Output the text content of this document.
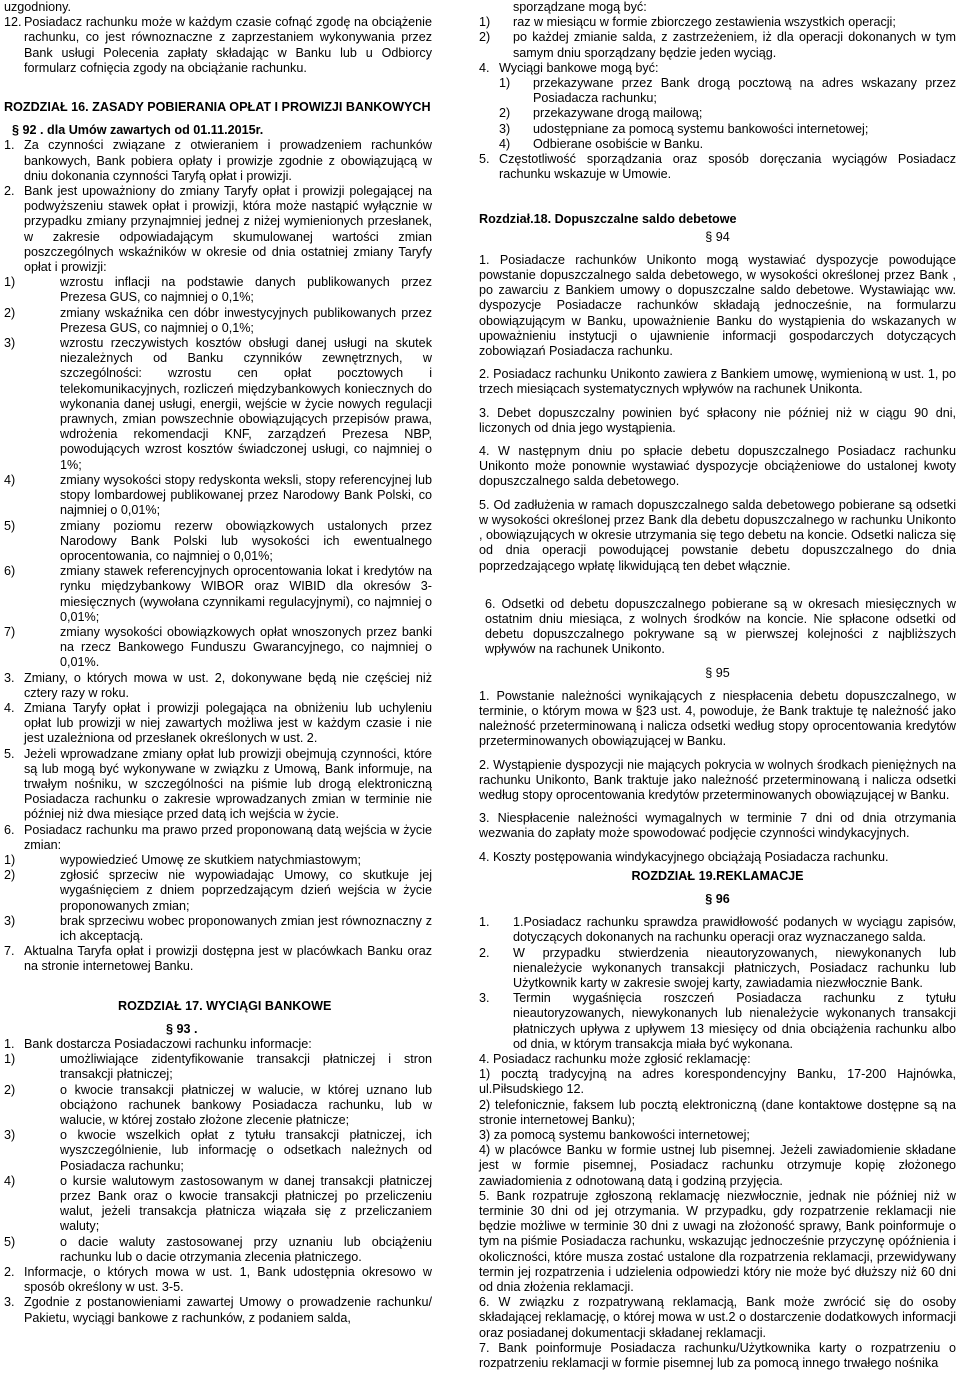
uzgodniony.

12. Posiadacz rachunku może w każdym czasie cofnąć zgodę na obciążenie rachunku, co jest równoznaczne z zaprzestaniem wykonywania przez Bank usługi Polecenia zapłaty składając w Banku lub u Odbiorcy formularz cofnięcia zgody na obciążanie rachunku.

ROZDZIAŁ 16. ZASADY POBIERANIA OPŁAT I PROWIZJI BANKOWYCH

§ 92 . dla Umów zawartych od 01.11.2015r.

1. Za czynności związane z otwieraniem i prowadzeniem rachunków bankowych, Bank pobiera opłaty i prowizje zgodnie z obowiązującą w dniu dokonania czynności Taryfą opłat i prowizji.

2. Bank jest upoważniony do zmiany Taryfy opłat i prowizji polegającej na podwyższeniu stawek opłat i prowizji, która może nastąpić wyłącznie w przypadku zmiany przynajmniej jednej z niżej wymienionych przesłanek, w zakresie odpowiadającym skumulowanej wartości zmian poszczególnych wskaźników w okresie od dnia ostatniej zmiany Taryfy opłat i prowizji:

1)	wzrostu inflacji na podstawie danych publikowanych przez Prezesa GUS, co najmniej o 0,1%;

2)	zmiany wskaźnika cen dóbr inwestycyjnych publikowanych przez Prezesa GUS, co najmniej o 0,1%;

3)	wzrostu rzeczywistych kosztów obsługi danej usługi na skutek niezależnych od Banku czynników zewnętrznych, w szczególności: wzrostu cen opłat pocztowych i telekomunikacyjnych, rozliczeń międzybankowych koniecznych do wykonania danej usługi, energii, wejście w życie nowych regulacji prawnych, zmian powszechnie obowiązujących przepisów prawa, wdrożenia rekomendacji KNF, zarządzeń Prezesa NBP, powodujących wzrost kosztów świadczonej usługi, co najmniej o 1%;

4)	zmiany wysokości stopy redyskonta weksli, stopy referencyjnej lub stopy lombardowej publikowanej przez Narodowy Bank Polski, co najmniej o 0,01%;

5)	zmiany poziomu rezerw obowiązkowych ustalonych przez Narodowy Bank Polski lub wysokości ich ewentualnego oprocentowania, co najmniej o 0,01%;

6)	zmiany stawek referencyjnych oprocentowania lokat i kredytów na rynku międzybankowy WIBOR oraz WIBID dla okresów 3-miesięcznych (wywołana czynnikami regulacyjnymi), co najmniej o 0,01%;

7)	zmiany wysokości obowiązkowych opłat wnoszonych przez banki na rzecz Bankowego Funduszu Gwarancyjnego, co najmniej o 0,01%.

3. Zmiany, o których mowa w ust. 2, dokonywane będą nie częściej niż cztery razy w roku.

4. Zmiana Taryfy opłat i prowizji polegająca na obniżeniu lub uchyleniu opłat lub prowizji w niej zawartych możliwa jest w każdym czasie i nie jest uzależniona od przesłanek określonych w ust. 2.

5. Jeżeli wprowadzane zmiany opłat lub prowizji obejmują czynności, które są lub mogą być wykonywane w związku z Umową, Bank informuje, na trwałym nośniku, w szczególności na piśmie lub drogą elektroniczną Posiadacza rachunku o zakresie wprowadzanych zmian w terminie nie później niż dwa miesiące przed datą ich wejścia w życie.

6. Posiadacz rachunku ma prawo przed proponowaną datą wejścia w życie zmian:

1)	wypowiedzieć Umowę ze skutkiem natychmiastowym;

2)	zgłosić sprzeciw nie wypowiadając Umowy, co skutkuje jej wygaśnięciem z dniem poprzedzającym dzień wejścia w życie proponowanych zmian;

3)	brak sprzeciwu wobec proponowanych zmian jest równoznaczny z ich akceptacją.

7. Aktualna Taryfa opłat i prowizji dostępna jest w placówkach Banku oraz na stronie internetowej Banku.

ROZDZIAŁ 17. WYCIĄGI BANKOWE

§ 93 .

1. Bank dostarcza Posiadaczowi rachunku informacje:

1)	umożliwiające zidentyfikowanie transakcji płatniczej i stron transakcji płatniczej;

2)	o kwocie transakcji płatniczej w walucie, w której uznano lub obciążono rachunek bankowy Posiadacza rachunku, lub w walucie, w której zostało złożone zlecenie płatnicze;

3)	o kwocie wszelkich opłat z tytułu transakcji płatniczej, ich wyszczególnienie, lub informację o odsetkach należnych od Posiadacza rachunku;

4)	o kursie walutowym zastosowanym w danej transakcji płatniczej przez Bank oraz o kwocie transakcji płatniczej po przeliczeniu walut, jeżeli transakcja płatnicza wiązała się z przeliczaniem waluty;

5)	o dacie waluty zastosowanej przy uznaniu lub obciążeniu rachunku lub o dacie otrzymania zlecenia płatniczego.

2. Informacje, o których mowa w ust. 1, Bank udostępnia okresowo w sposób określony w ust. 3-5.

3. Zgodnie z postanowieniami zawartej Umowy o prowadzenie rachunku/ Pakietu, wyciągi bankowe z rachunków, z podaniem salda,

sporządzane mogą być:

1) raz w miesiącu w formie zbiorczego zestawienia wszystkich operacji;

2) po każdej zmianie salda, z zastrzeżeniem, iż dla operacji dokonanych w tym samym dniu sporządzany będzie jeden wyciąg.

4. Wyciągi bankowe mogą być:

1) przekazywane przez Bank drogą pocztową na adres wskazany przez Posiadacza rachunku;

2) przekazywane drogą mailową;

3) udostępniane za pomocą systemu bankowości internetowej;

4) Odbierane osobiście w Banku.

5. Częstotliwość sporządzania oraz sposób doręczania wyciągów Posiadacz rachunku wskazuje w Umowie.

Rozdział.18. Dopuszczalne saldo debetowe

§ 94

1. Posiadacze rachunków Unikonto mogą wystawiać dyspozycje powodujące powstanie dopuszczalnego salda debetowego, w wysokości określonej przez Bank , po zawarciu z Bankiem umowy o dopuszczalne saldo debetowe. Wystawiając ww. dyspozycje Posiadacze rachunków składają jednocześnie, na formularzu obowiązującym w Banku, upoważnienie Banku do wystąpienia do wskazanych w upoważnieniu instytucji o ujawnienie informacji gospodarczych dotyczących zobowiązań Posiadacza rachunku.

2. Posiadacz rachunku Unikonto zawiera z Bankiem umowę, wymienioną w ust. 1, po trzech miesiącach systematycznych wpływów na rachunek Unikonta.

3. Debet dopuszczalny powinien być spłacony nie później niż w ciągu 90 dni, liczonych od dnia jego wystąpienia.

4. W następnym dniu po spłacie debetu dopuszczalnego Posiadacz rachunku Unikonto może ponownie wystawiać dyspozycje obciążeniowe do ustalonej kwoty dopuszczalnego salda debetowego.

5. Od zadłużenia w ramach dopuszczalnego salda debetowego pobierane są odsetki w wysokości określonej przez Bank dla debetu dopuszczalnego w rachunku Unikonto , obowiązujących w okresie utrzymania się tego debetu na koncie. Odsetki nalicza się od dnia operacji powodującej powstanie debetu dopuszczalnego do dnia poprzedzającego wpłatę likwidującą ten debet włącznie.

6. Odsetki od debetu dopuszczalnego pobierane są w okresach miesięcznych w ostatnim dniu miesiąca, z wolnych środków na koncie. Nie spłacone odsetki od debetu dopuszczalnego pokrywane są w pierwszej kolejności z najbliższych wpływów na rachunek Unikonto.

§ 95

1. Powstanie należności wynikających z niespłacenia debetu dopuszczalnego, w terminie, o którym mowa w §23 ust. 4, powoduje, że Bank traktuje tę należność jako należność przeterminowaną i nalicza odsetki według stopy oprocentowania kredytów przeterminowanych obowiązującej w Banku.

2. Wystąpienie dyspozycji nie mających pokrycia w wolnych środkach pieniężnych na rachunku Unikonto, Bank traktuje jako należność przeterminowaną i nalicza odsetki według stopy oprocentowania kredytów przeterminowanych obowiązującej w Banku.

3. Niespłacenie należności wymagalnych w terminie 7 dni od dnia otrzymania wezwania do zapłaty może spowodować podjęcie czynności windykacyjnych.

4. Koszty postępowania windykacyjnego obciążają Posiadacza rachunku.

ROZDZIAŁ 19.REKLAMACJE

§ 96

1. 1.Posiadacz rachunku sprawdza prawidłowość podanych w wyciągu zapisów, dotyczących dokonanych na rachunku operacji oraz wyznaczanego salda.

2. W przypadku stwierdzenia nieautoryzowanych, niewykonanych lub nienależycie wykonanych transakcji płatniczych, Posiadacz rachunku lub Użytkownik karty w zakresie swojej karty, zawiadamia niezwłocznie Bank.

3. Termin wygaśnięcia roszczeń Posiadacza rachunku z tytułu nieautoryzowanych, niewykonanych lub nienależycie wykonanych transakcji płatniczych upływa z upływem 13 miesięcy od dnia obciążenia rachunku albo od dnia, w którym transakcja miała być wykonana.

4. Posiadacz rachunku może zgłosić reklamację:

1) pocztą tradycyjną na adres korespondencyjny Banku, 17-200 Hajnówka, ul.Piłsudskiego 12.

2) telefonicznie, faksem lub pocztą elektroniczną (dane kontaktowe dostępne są na stronie internetowej Banku);

3) za pomocą systemu bankowości internetowej;

4) w placówce Banku w formie ustnej lub pisemnej. Jeżeli zawiadomienie składane jest w formie pisemnej, Posiadacz rachunku otrzymuje kopię złożonego zawiadomienia z odnotowaną datą i godziną przyjęcia.

5. Bank rozpatruje zgłoszoną reklamację niezwłocznie, jednak nie później niż w terminie 30 dni od jej otrzymania. W przypadku, gdy rozpatrzenie reklamacji nie będzie możliwe w terminie 30 dni z uwagi na złożoność sprawy, Bank poinformuje o tym na piśmie Posiadacza rachunku, wskazując jednocześnie przyczynę opóźnienia i okoliczności, które musza zostać ustalone dla rozpatrzenia reklamacji, przewidywany termin jej rozpatrzenia i udzielenia odpowiedzi który nie może być dłuższy niż 60 dni od dnia złożenia reklamacji.

6. W związku z rozpatrywaną reklamacją, Bank może zwrócić się do osoby składającej reklamację, o której mowa w ust.2 o dostarczenie dodatkowych informacji oraz posiadanej dokumentacji składanej reklamacji.

7. Bank poinformuje Posiadacza rachunku/Użytkownika karty o rozpatrzeniu o rozpatrzeniu reklamacji w formie pisemnej lub za pomocą innego trwałego nośnika
